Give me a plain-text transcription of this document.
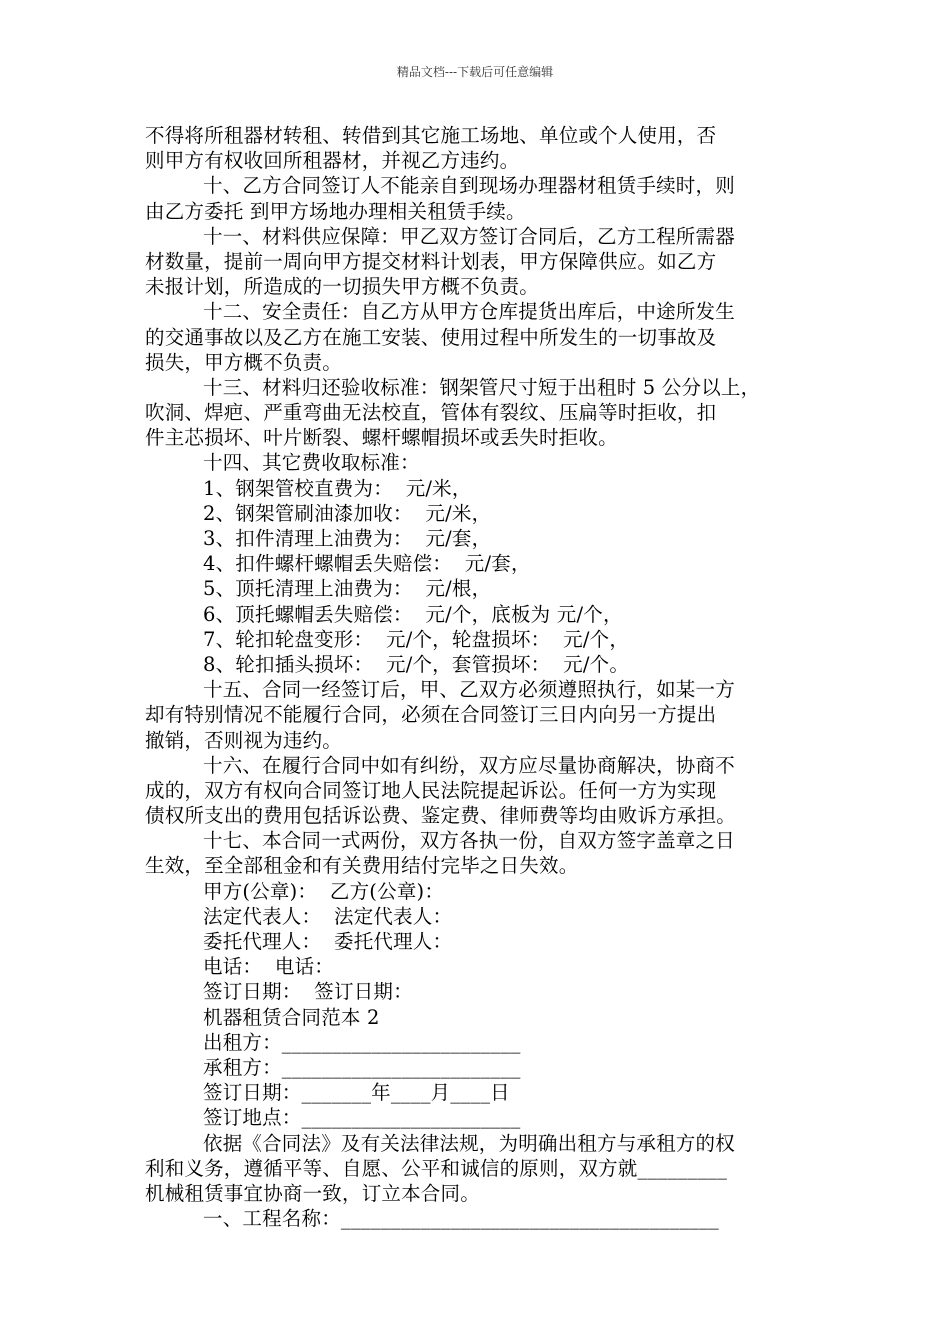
精品文档---下载后可任意编辑
不得将所租器材转租、转借到其它施工场地、单位或个人使用，否
则甲方有权收回所租器材，并视乙方违约。
十、乙方合同签订人不能亲自到现场办理器材租赁手续时，则
由乙方委托 到甲方场地办理相关租赁手续。
十一、材料供应保障：甲乙双方签订合同后，乙方工程所需器
材数量，提前一周向甲方提交材料计划表，甲方保障供应。如乙方
未报计划，所造成的一切损失甲方概不负责。
十二、安全责任：自乙方从甲方仓库提货出库后，中途所发生
的交通事故以及乙方在施工安装、使用过程中所发生的一切事故及
损失，甲方概不负责。
十三、材料归还验收标准：钢架管尺寸短于出租时 5 公分以上，
吹洞、焊疤、严重弯曲无法校直，管体有裂纹、压扁等时拒收，扣
件主芯损坏、叶片断裂、螺杆螺帽损坏或丢失时拒收。
十四、其它费收取标准：
1、钢架管校直费为：  元/米，
2、钢架管刷油漆加收：  元/米，
3、扣件清理上油费为：  元/套，
4、扣件螺杆螺帽丢失赔偿：  元/套，
5、顶托清理上油费为：  元/根，
6、顶托螺帽丢失赔偿：  元/个，底板为 元/个，
7、轮扣轮盘变形：  元/个，轮盘损坏：  元/个，
8、轮扣插头损坏：  元/个，套管损坏：  元/个。
十五、合同一经签订后，甲、乙双方必须遵照执行，如某一方
却有特别情况不能履行合同，必须在合同签订三日内向另一方提出
撤销，否则视为违约。
十六、在履行合同中如有纠纷，双方应尽量协商解决，协商不
成的，双方有权向合同签订地人民法院提起诉讼。任何一方为实现
债权所支出的费用包括诉讼费、鉴定费、律师费等均由败诉方承担。
十七、本合同一式两份，双方各执一份，自双方签字盖章之日
生效，至全部租金和有关费用结付完毕之日失效。
甲方(公章)：  乙方(公章)：
法定代表人：  法定代表人：
委托代理人：  委托代理人：
电话：  电话：
签订日期：  签订日期：
机器租赁合同范本 2
出租方：________________________
承租方：________________________
签订日期：_______年____月____日
签订地点：______________________
依据《合同法》及有关法律法规，为明确出租方与承租方的权
利和义务，遵循平等、自愿、公平和诚信的原则，双方就_________
机械租赁事宜协商一致，订立本合同。
一、工程名称：______________________________________
